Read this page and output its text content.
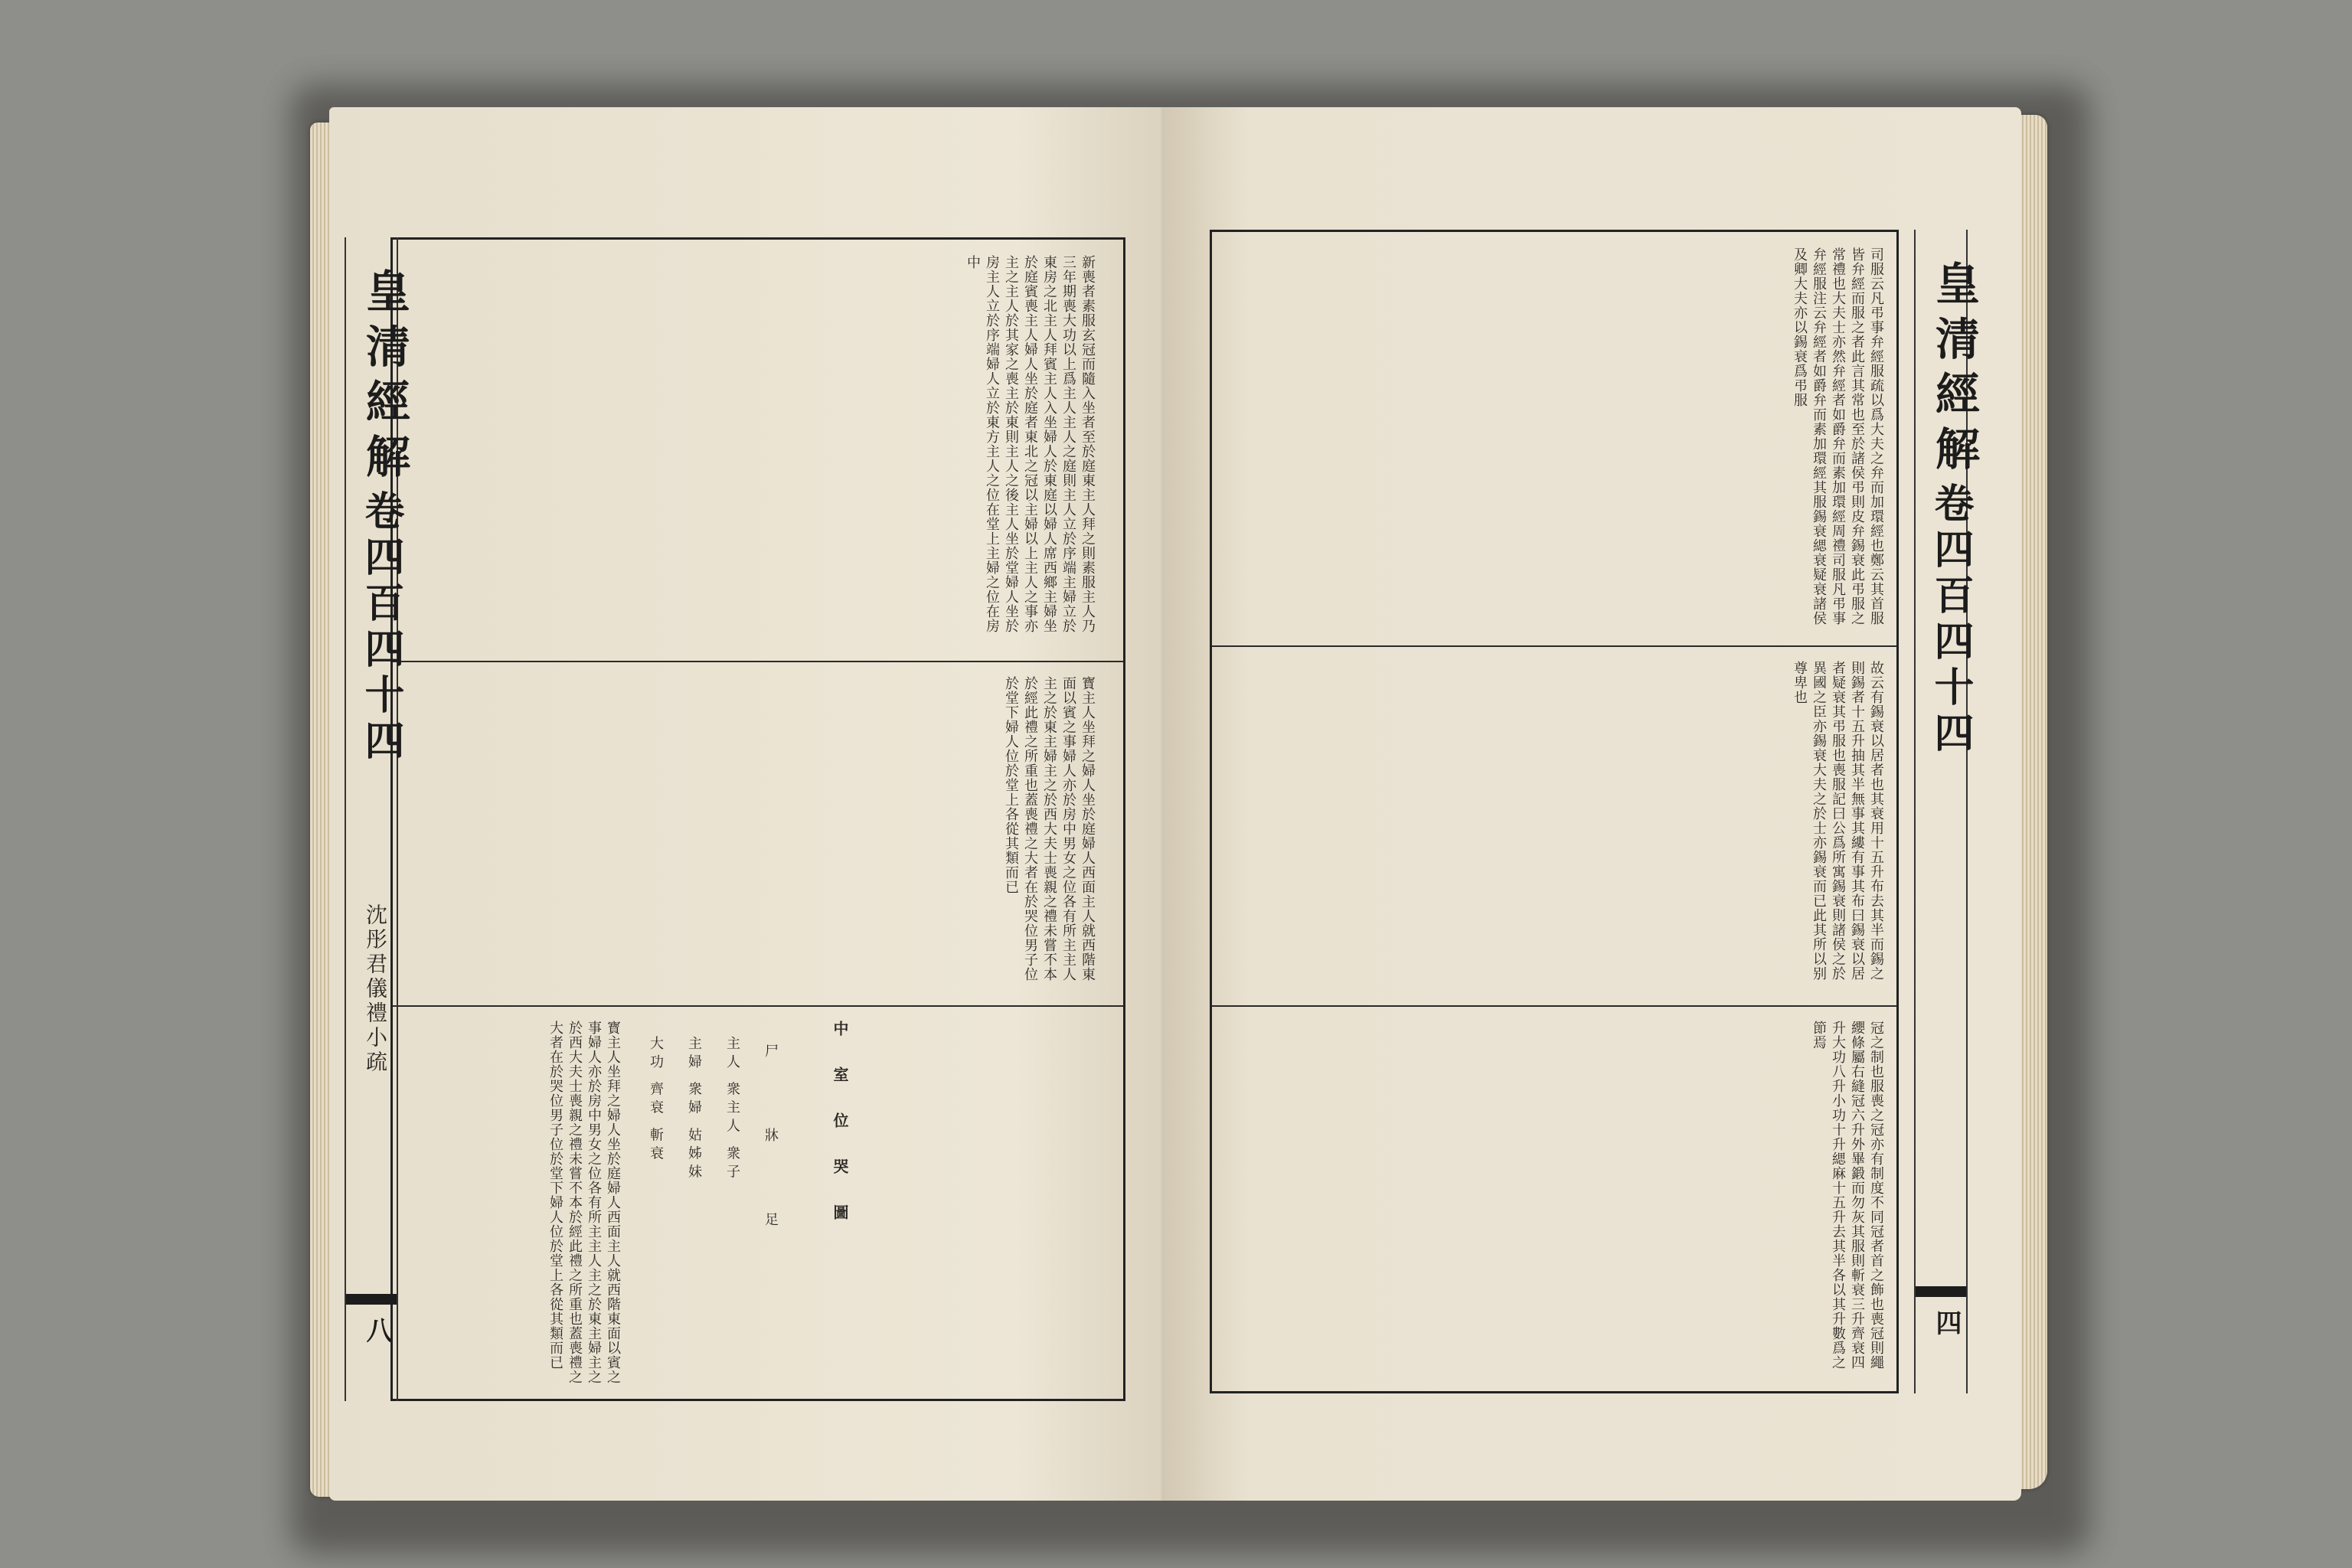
新喪者素服玄冠而隨入坐者至於庭東主人拜之則素服主人乃三年期喪大功以上爲主人主人之庭則主人立於序端主婦立於東房之北主人拜賓主人入坐婦人於東庭以婦人席西鄉主婦坐於庭賓喪主人婦人坐於庭者東北之冠以主婦以上主人之事亦主之主人於其家之喪主於東則主人之後主人坐於堂婦人坐於房主人立於序端婦人立於東方主人之位在堂上主婦之位在房中
寳主人坐拜之婦人坐於庭婦人西面主人就西階東面以賓之事婦人亦於房中男女之位各有所主主人主之於東主婦主之於西大夫士喪親之禮未嘗不本於經此禮之所重也蓋喪禮之大者在於哭位男子位於堂下婦人位於堂上各從其類而已
中
室
位
哭
圖
尸
牀
足
主人 衆主人 衆子
主婦 衆婦 姑姊妹
大功 齊衰 斬衰
寳主人坐拜之婦人坐於庭婦人西面主人就西階東面以賓之事婦人亦於房中男女之位各有所主主人主之於東主婦主之於西大夫士喪親之禮未嘗不本於經此禮之所重也蓋喪禮之大者在於哭位男子位於堂下婦人位於堂上各從其類而已
皇清經解
卷四百四十四
沈彤君儀禮小疏
八
司服云凡弔事弁經服疏以爲大夫之弁而加環經也鄭云其首服皆弁經而服之者此言其常也至於諸侯弔則皮弁錫衰此弔服之常禮也大夫士亦然弁經者如爵弁而素加環經周禮司服凡弔事弁經服注云弁經者如爵弁而素加環經其服錫衰緦衰疑衰諸侯及卿大夫亦以錫衰爲弔服
故云有錫衰以居者也其衰用十五升布去其半而錫之則錫者十五升抽其半無事其縷有事其布曰錫衰以居者疑衰其弔服也喪服記曰公爲所寓錫衰則諸侯之於異國之臣亦錫衰大夫之於士亦錫衰而已此其所以别尊卑也
冠之制也服喪之冠亦有制度不同冠者首之飾也喪冠則繩纓條屬右縫冠六升外畢鍛而勿灰其服則斬衰三升齊衰四升大功八升小功十升緦麻十五升去其半各以其升數爲之節焉
皇清經解
卷四百四十四
四
